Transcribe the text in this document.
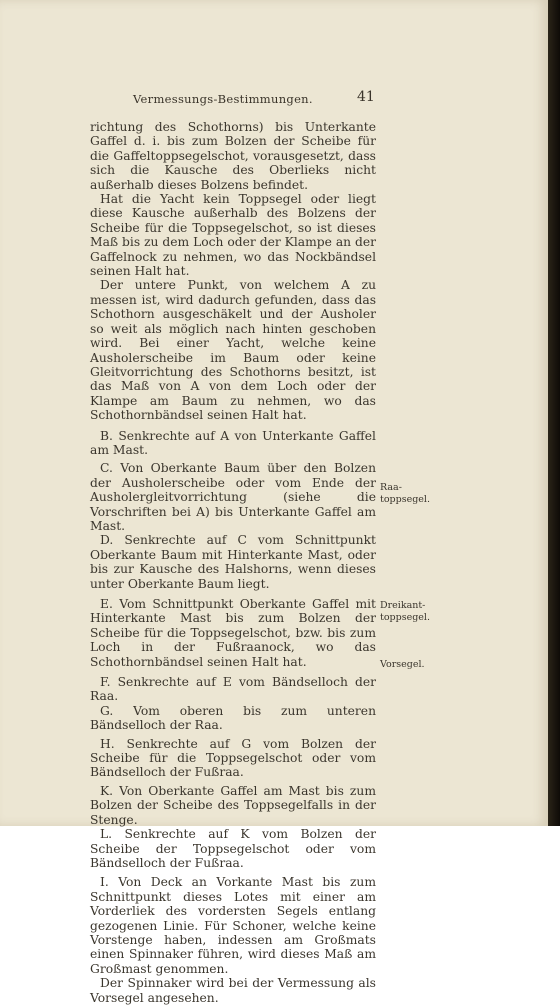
Vermessungs-Bestimmungen.	41

richtung des Schothorns) bis Unterkante Gaffel d. i. bis zum Bolzen der Scheibe für die Gaffeltoppsegelschot, vorausgesetzt, dass sich die Kausche des Oberlieks nicht außerhalb dieses Bolzens befindet.

Hat die Yacht kein Toppsegel oder liegt diese Kausche außerhalb des Bolzens der Scheibe für die Toppsegelschot, so ist dieses Maß bis zu dem Loch oder der Klampe an der Gaffelnock zu nehmen, wo das Nockbändsel seinen Halt hat.

Der untere Punkt, von welchem A zu messen ist, wird dadurch gefunden, dass das Schothorn ausgeschäkelt und der Ausholer so weit als möglich nach hinten geschoben wird. Bei einer Yacht, welche keine Ausholerscheibe im Baum oder keine Gleitvorrichtung des Schothorns besitzt, ist das Maß von A von dem Loch oder der Klampe am Baum zu nehmen, wo das Schothornbändsel seinen Halt hat.

B. Senkrechte auf A von Unterkante Gaffel am Mast.

C. Von Oberkante Baum über den Bolzen der Ausholerscheibe oder vom Ende der Ausholergleitvorrichtung (siehe die Vorschriften bei A) bis Unterkante Gaffel am Mast.

D. Senkrechte auf C vom Schnittpunkt Oberkante Baum mit Hinterkante Mast, oder bis zur Kausche des Halshorns, wenn dieses unter Oberkante Baum liegt.

E. Vom Schnittpunkt Oberkante Gaffel mit Hinterkante Mast bis zum Bolzen der Scheibe für die Toppsegelschot, bzw. bis zum Loch in der Fußraanock, wo das Schothornbändsel seinen Halt hat.

F. Senkrechte auf E vom Bändselloch der Raa.

G. Vom oberen bis zum unteren Bändselloch der Raa.

H. Senkrechte auf G vom Bolzen der Scheibe für die Toppsegelschot oder vom Bändselloch der Fußraa.

K. Von Oberkante Gaffel am Mast bis zum Bolzen der Scheibe des Toppsegelfalls in der Stenge.

L. Senkrechte auf K vom Bolzen der Scheibe der Toppsegelschot oder vom Bändselloch der Fußraa.

I. Von Deck an Vorkante Mast bis zum Schnittpunkt dieses Lotes mit einer am Vorderliek des vordersten Segels entlang gezogenen Linie. Für Schoner, welche keine Vorstenge haben, indessen am Großmats einen Spinnaker führen, wird dieses Maß am Großmast genommen.

Der Spinnaker wird bei der Vermessung als Vorsegel angesehen.

Raa-
toppsegel.
Dreikant-
toppsegel.
Vorsegel.
